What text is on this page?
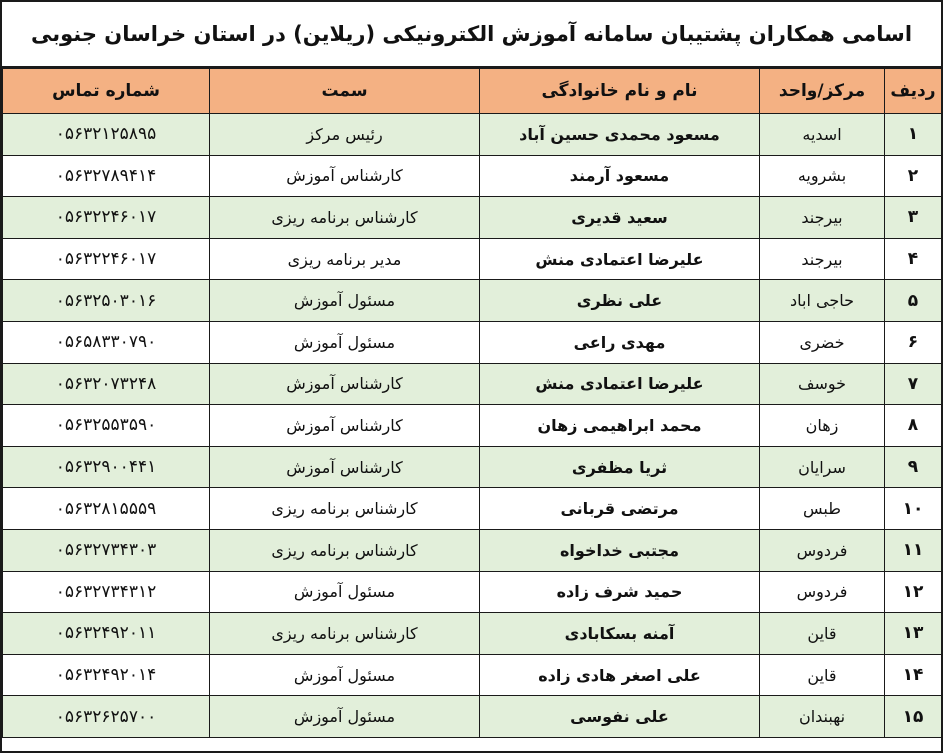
اسامی همکاران پشتیبان سامانه آموزش الکترونیکی (ریلاین) در استان خراسان جنوبی
ردیف	مرکز/واحد	نام و نام خانوادگی	سمت	شماره تماس
۱	اسدیه	مسعود محمدی حسین آباد	رئیس مرکز	۰۵۶۳۲۱۲۵۸۹۵
۲	بشرویه	مسعود آرمند	کارشناس آموزش	۰۵۶۳۲۷۸۹۴۱۴
۳	بیرجند	سعید قدیری	کارشناس برنامه ریزی	۰۵۶۳۲۲۴۶۰۱۷
۴	بیرجند	علیرضا اعتمادی منش	مدیر برنامه ریزی	۰۵۶۳۲۲۴۶۰۱۷
۵	حاجی اباد	علی نظری	مسئول آموزش	۰۵۶۳۲۵۰۳۰۱۶
۶	خضری	مهدی راعی	مسئول آموزش	۰۵۶۵۸۳۳۰۷۹۰
۷	خوسف	علیرضا اعتمادی منش	کارشناس آموزش	۰۵۶۳۲۰۷۳۲۴۸
۸	زهان	محمد ابراهیمی زهان	کارشناس آموزش	۰۵۶۳۲۵۵۳۵۹۰
۹	سرایان	ثریا مظفری	کارشناس آموزش	۰۵۶۳۲۹۰۰۴۴۱
۱۰	طبس	مرتضی قربانی	کارشناس برنامه ریزی	۰۵۶۳۲۸۱۵۵۵۹
۱۱	فردوس	مجتبی خداخواه	کارشناس برنامه ریزی	۰۵۶۳۲۷۳۴۳۰۳
۱۲	فردوس	حمید شرف زاده	مسئول آموزش	۰۵۶۳۲۷۳۴۳۱۲
۱۳	قاین	آمنه بسکابادی	کارشناس برنامه ریزی	۰۵۶۳۲۴۹۲۰۱۱
۱۴	قاین	علی اصغر هادی زاده	مسئول آموزش	۰۵۶۳۲۴۹۲۰۱۴
۱۵	نهبندان	علی نفوسی	مسئول آموزش	۰۵۶۳۲۶۲۵۷۰۰
